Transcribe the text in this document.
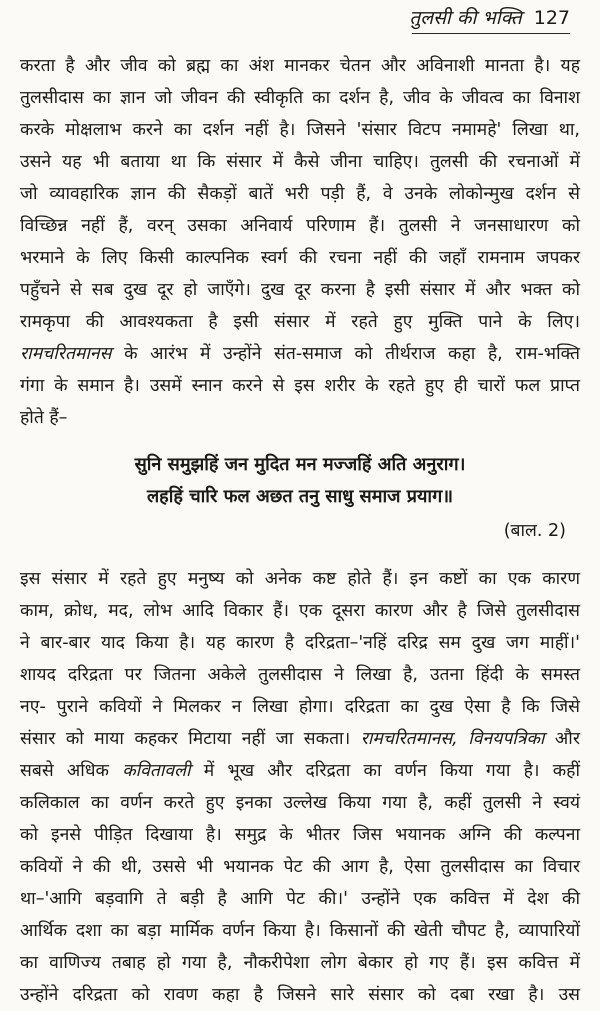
तुलसी की भक्ति 127
करता है और जीव को ब्रह्म का अंश मानकर चेतन और अविनाशी मानता है। यह
तुलसीदास का ज्ञान जो जीवन की स्वीकृति का दर्शन है, जीव के जीवत्व का विनाश
करके मोक्षलाभ करने का दर्शन नहीं है। जिसने 'संसार विटप नमामहे' लिखा था,
उसने यह भी बताया था कि संसार में कैसे जीना चाहिए। तुलसी की रचनाओं में
जो व्यावहारिक ज्ञान की सैकड़ों बातें भरी पड़ी हैं, वे उनके लोकोन्मुख दर्शन से
विच्छिन्न नहीं हैं, वरन् उसका अनिवार्य परिणाम हैं। तुलसी ने जनसाधारण को
भरमाने के लिए किसी काल्पनिक स्वर्ग की रचना नहीं की जहाँ रामनाम जपकर
पहुँचने से सब दुख दूर हो जाएँगे। दुख दूर करना है इसी संसार में और भक्त को
रामकृपा की आवश्यकता है इसी संसार में रहते हुए मुक्ति पाने के लिए।
रामचरितमानस के आरंभ में उन्होंने संत-समाज को तीर्थराज कहा है, राम-भक्ति
गंगा के समान है। उसमें स्नान करने से इस शरीर के रहते हुए ही चारों फल प्राप्त
होते हैं–
सुनि समुझहिं जन मुदित मन मज्जहिं अति अनुराग।
लहहिं चारि फल अछत तनु साधु समाज प्रयाग॥
(बाल. 2)
इस संसार में रहते हुए मनुष्य को अनेक कष्ट होते हैं। इन कष्टों का एक कारण
काम, क्रोध, मद, लोभ आदि विकार हैं। एक दूसरा कारण और है जिसे तुलसीदास
ने बार-बार याद किया है। यह कारण है दरिद्रता–'नहिं दरिद्र सम दुख जग माहीं।'
शायद दरिद्रता पर जितना अकेले तुलसीदास ने लिखा है, उतना हिंदी के समस्त
नए- पुराने कवियों ने मिलकर न लिखा होगा। दरिद्रता का दुख ऐसा है कि जिसे
संसार को माया कहकर मिटाया नहीं जा सकता। रामचरितमानस, विनयपत्रिका और
सबसे अधिक कवितावली में भूख और दरिद्रता का वर्णन किया गया है। कहीं
कलिकाल का वर्णन करते हुए इनका उल्लेख किया गया है, कहीं तुलसी ने स्वयं
को इनसे पीड़ित दिखाया है। समुद्र के भीतर जिस भयानक अग्नि की कल्पना
कवियों ने की थी, उससे भी भयानक पेट की आग है, ऐसा तुलसीदास का विचार
था–'आगि बड़वागि ते बड़ी है आगि पेट की।' उन्होंने एक कवित्त में देश की
आर्थिक दशा का बड़ा मार्मिक वर्णन किया है। किसानों की खेती चौपट है, व्यापारियों
का वाणिज्य तबाह हो गया है, नौकरीपेशा लोग बेकार हो गए हैं। इस कवित्त में
उन्होंने दरिद्रता को रावण कहा है जिसने सारे संसार को दबा रखा है। उस
